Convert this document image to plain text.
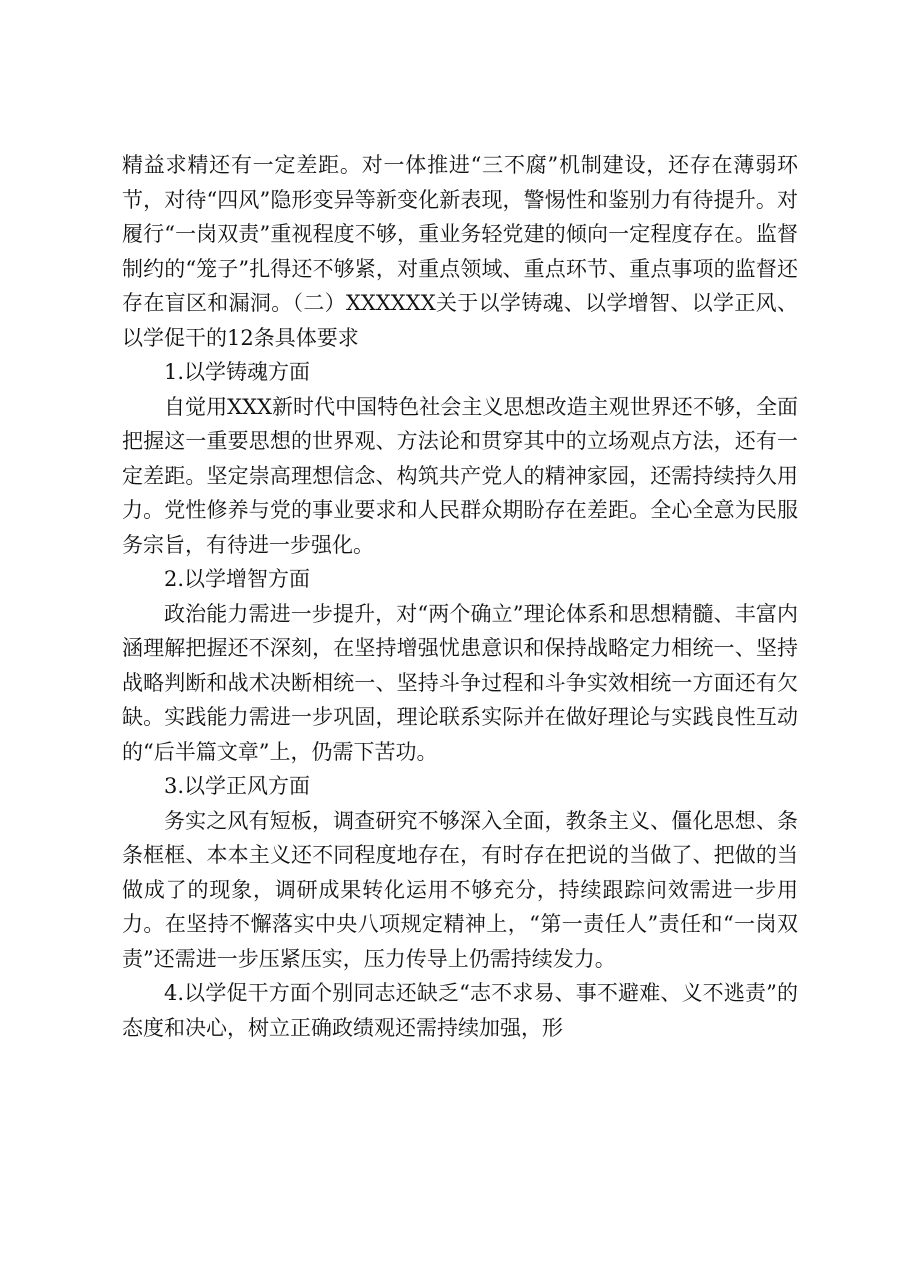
精益求精还有一定差距。对一体推进“三不腐”机制建设，还存在薄弱环节，对待“四风”隐形变异等新变化新表现，警惕性和鉴别力有待提升。对履行“一岗双责”重视程度不够，重业务轻党建的倾向一定程度存在。监督制约的“笼子”扎得还不够紧，对重点领域、重点环节、重点事项的监督还存在盲区和漏洞。（二）XXXXXX关于以学铸魂、以学增智、以学正风、以学促干的12条具体要求

1.以学铸魂方面

自觉用XXX新时代中国特色社会主义思想改造主观世界还不够，全面把握这一重要思想的世界观、方法论和贯穿其中的立场观点方法，还有一定差距。坚定崇高理想信念、构筑共产党人的精神家园，还需持续持久用力。党性修养与党的事业要求和人民群众期盼存在差距。全心全意为民服务宗旨，有待进一步强化。

2.以学增智方面

政治能力需进一步提升，对“两个确立”理论体系和思想精髓、丰富内涵理解把握还不深刻，在坚持增强忧患意识和保持战略定力相统一、坚持战略判断和战术决断相统一、坚持斗争过程和斗争实效相统一方面还有欠缺。实践能力需进一步巩固，理论联系实际并在做好理论与实践良性互动的“后半篇文章”上，仍需下苦功。

3.以学正风方面

务实之风有短板，调查研究不够深入全面，教条主义、僵化思想、条条框框、本本主义还不同程度地存在，有时存在把说的当做了、把做的当做成了的现象，调研成果转化运用不够充分，持续跟踪问效需进一步用力。在坚持不懈落实中央八项规定精神上，“第一责任人”责任和“一岗双责”还需进一步压紧压实，压力传导上仍需持续发力。

4.以学促干方面个别同志还缺乏“志不求易、事不避难、义不逃责”的态度和决心，树立正确政绩观还需持续加强，形
